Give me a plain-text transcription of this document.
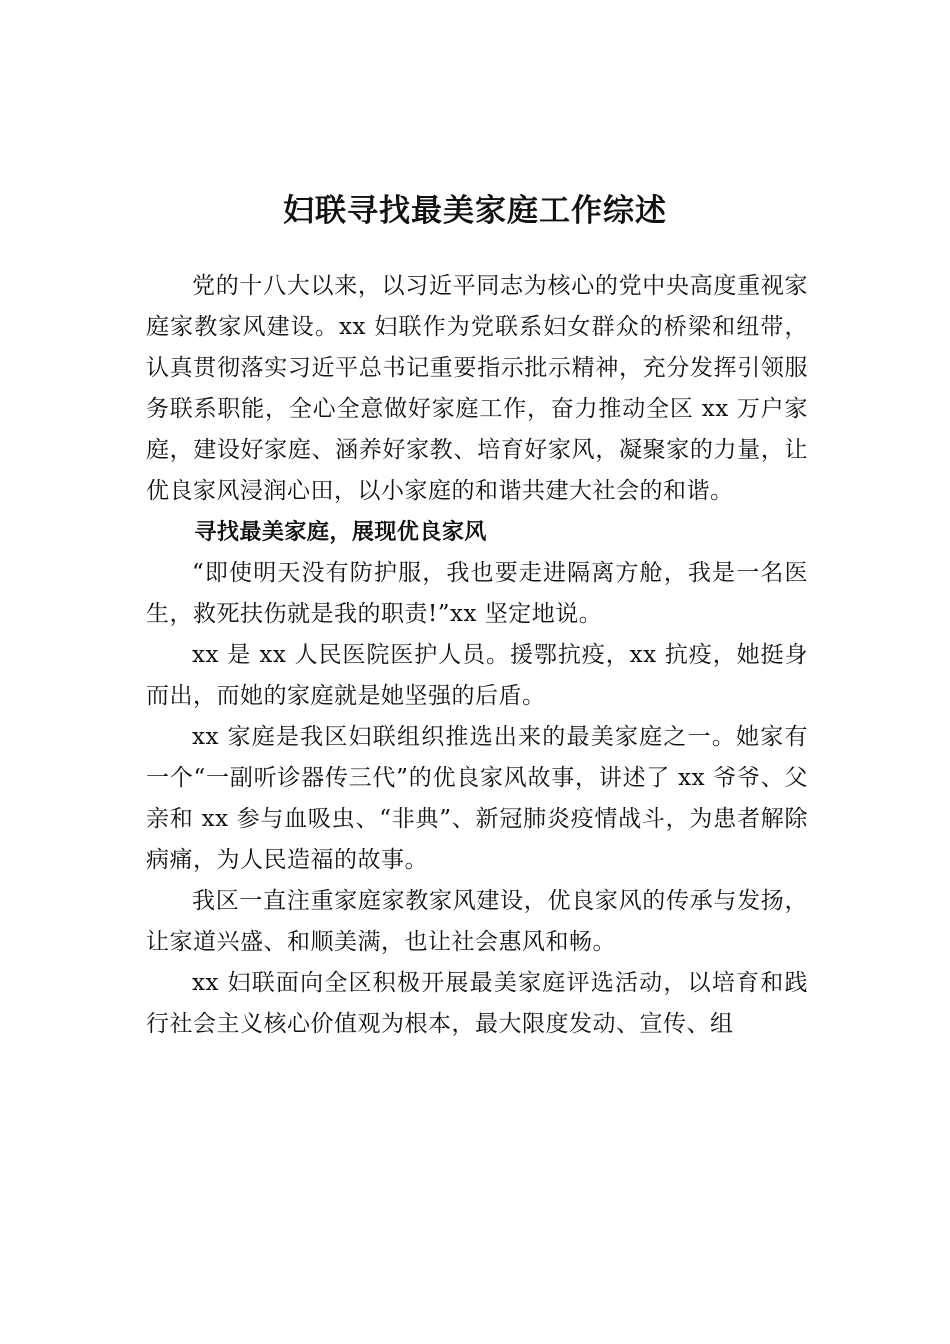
妇联寻找最美家庭工作综述

党的十八大以来，以习近平同志为核心的党中央高度重视家庭家教家风建设。xx 妇联作为党联系妇女群众的桥梁和纽带，认真贯彻落实习近平总书记重要指示批示精神，充分发挥引领服务联系职能，全心全意做好家庭工作，奋力推动全区 xx 万户家庭，建设好家庭、涵养好家教、培育好家风，凝聚家的力量，让优良家风浸润心田，以小家庭的和谐共建大社会的和谐。

寻找最美家庭，展现优良家风

“即使明天没有防护服，我也要走进隔离方舱，我是一名医生，救死扶伤就是我的职责!”xx 坚定地说。

xx 是 xx 人民医院医护人员。援鄂抗疫，xx 抗疫，她挺身而出，而她的家庭就是她坚强的后盾。

xx 家庭是我区妇联组织推选出来的最美家庭之一。她家有一个“一副听诊器传三代”的优良家风故事，讲述了 xx 爷爷、父亲和 xx 参与血吸虫、“非典”、新冠肺炎疫情战斗，为患者解除病痛，为人民造福的故事。

我区一直注重家庭家教家风建设，优良家风的传承与发扬，让家道兴盛、和顺美满，也让社会惠风和畅。

xx 妇联面向全区积极开展最美家庭评选活动，以培育和践行社会主义核心价值观为根本，最大限度发动、宣传、组
